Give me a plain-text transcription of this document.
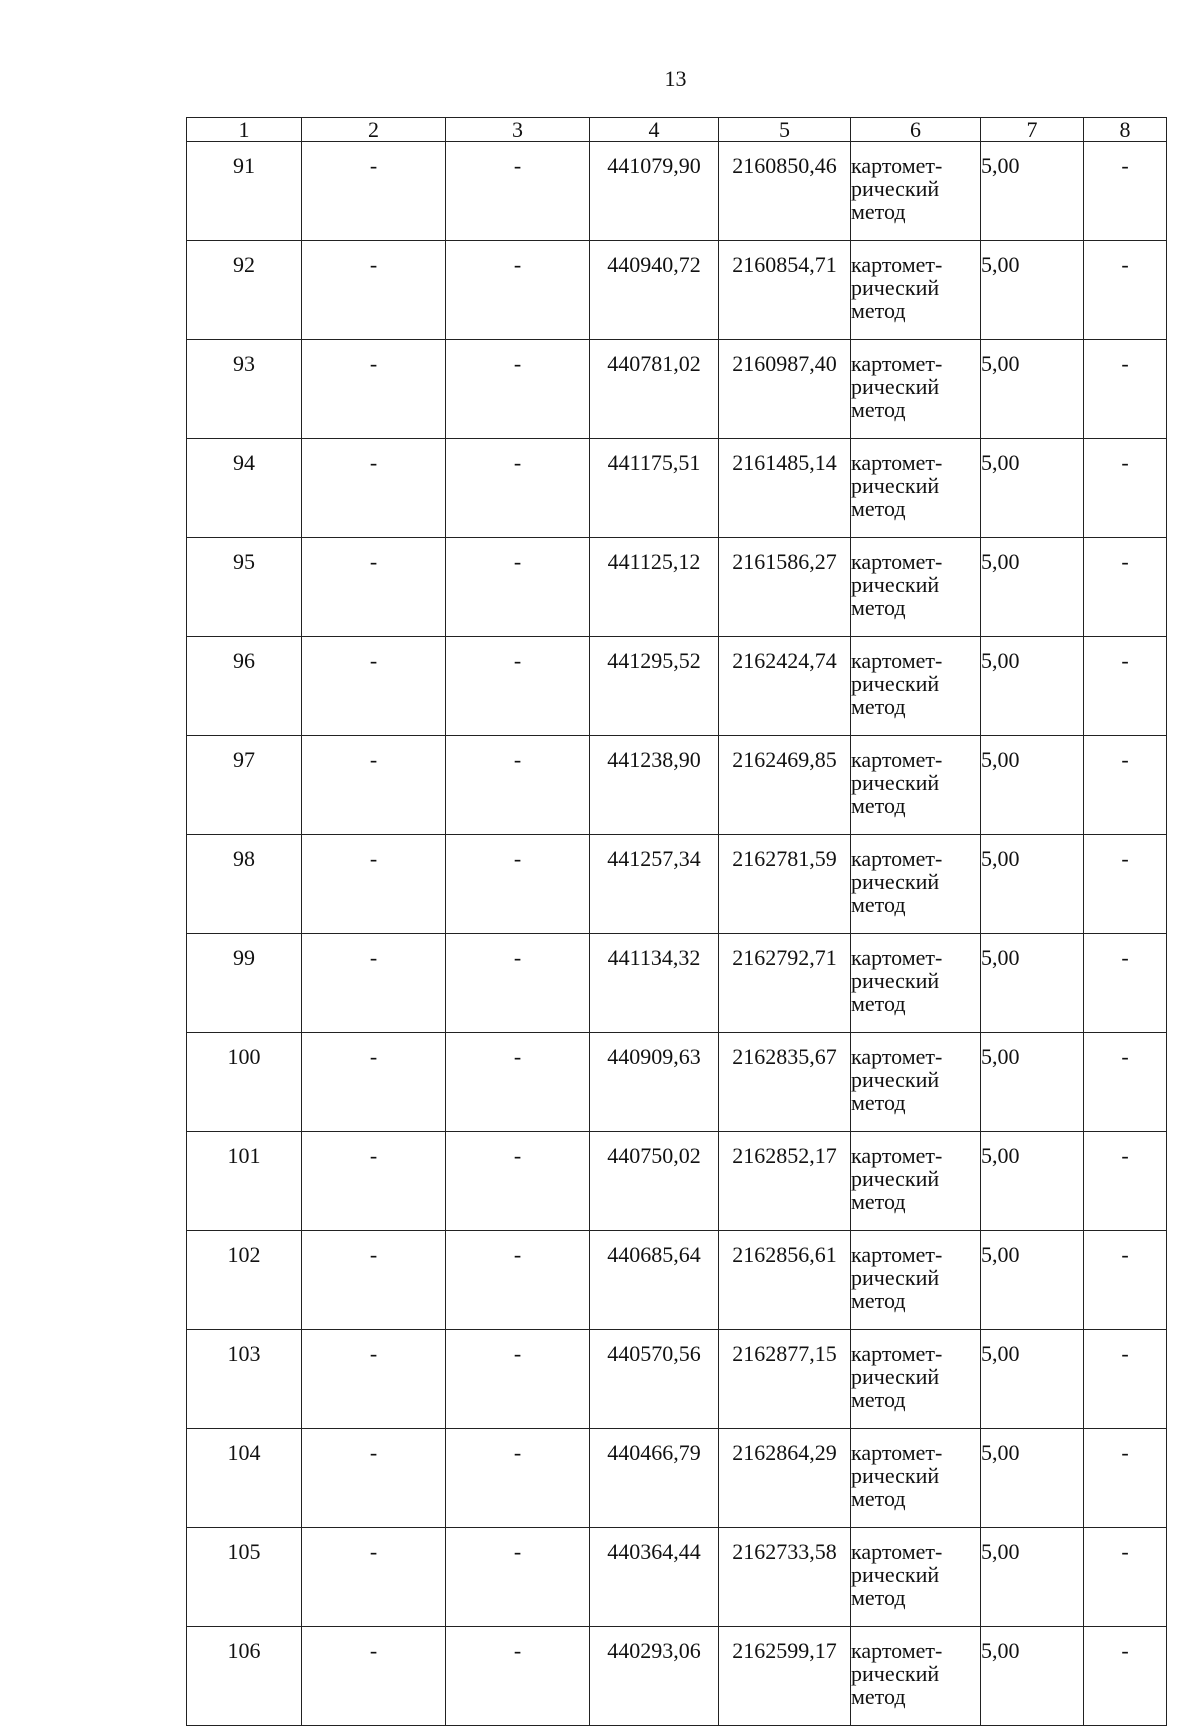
13
1	2	3	4	5	6	7	8
91	-	-	441079,90	2160850,46	картомет-
рический
метод	5,00	-
92	-	-	440940,72	2160854,71	картомет-
рический
метод	5,00	-
93	-	-	440781,02	2160987,40	картомет-
рический
метод	5,00	-
94	-	-	441175,51	2161485,14	картомет-
рический
метод	5,00	-
95	-	-	441125,12	2161586,27	картомет-
рический
метод	5,00	-
96	-	-	441295,52	2162424,74	картомет-
рический
метод	5,00	-
97	-	-	441238,90	2162469,85	картомет-
рический
метод	5,00	-
98	-	-	441257,34	2162781,59	картомет-
рический
метод	5,00	-
99	-	-	441134,32	2162792,71	картомет-
рический
метод	5,00	-
100	-	-	440909,63	2162835,67	картомет-
рический
метод	5,00	-
101	-	-	440750,02	2162852,17	картомет-
рический
метод	5,00	-
102	-	-	440685,64	2162856,61	картомет-
рический
метод	5,00	-
103	-	-	440570,56	2162877,15	картомет-
рический
метод	5,00	-
104	-	-	440466,79	2162864,29	картомет-
рический
метод	5,00	-
105	-	-	440364,44	2162733,58	картомет-
рический
метод	5,00	-
106	-	-	440293,06	2162599,17	картомет-
рический
метод	5,00	-
